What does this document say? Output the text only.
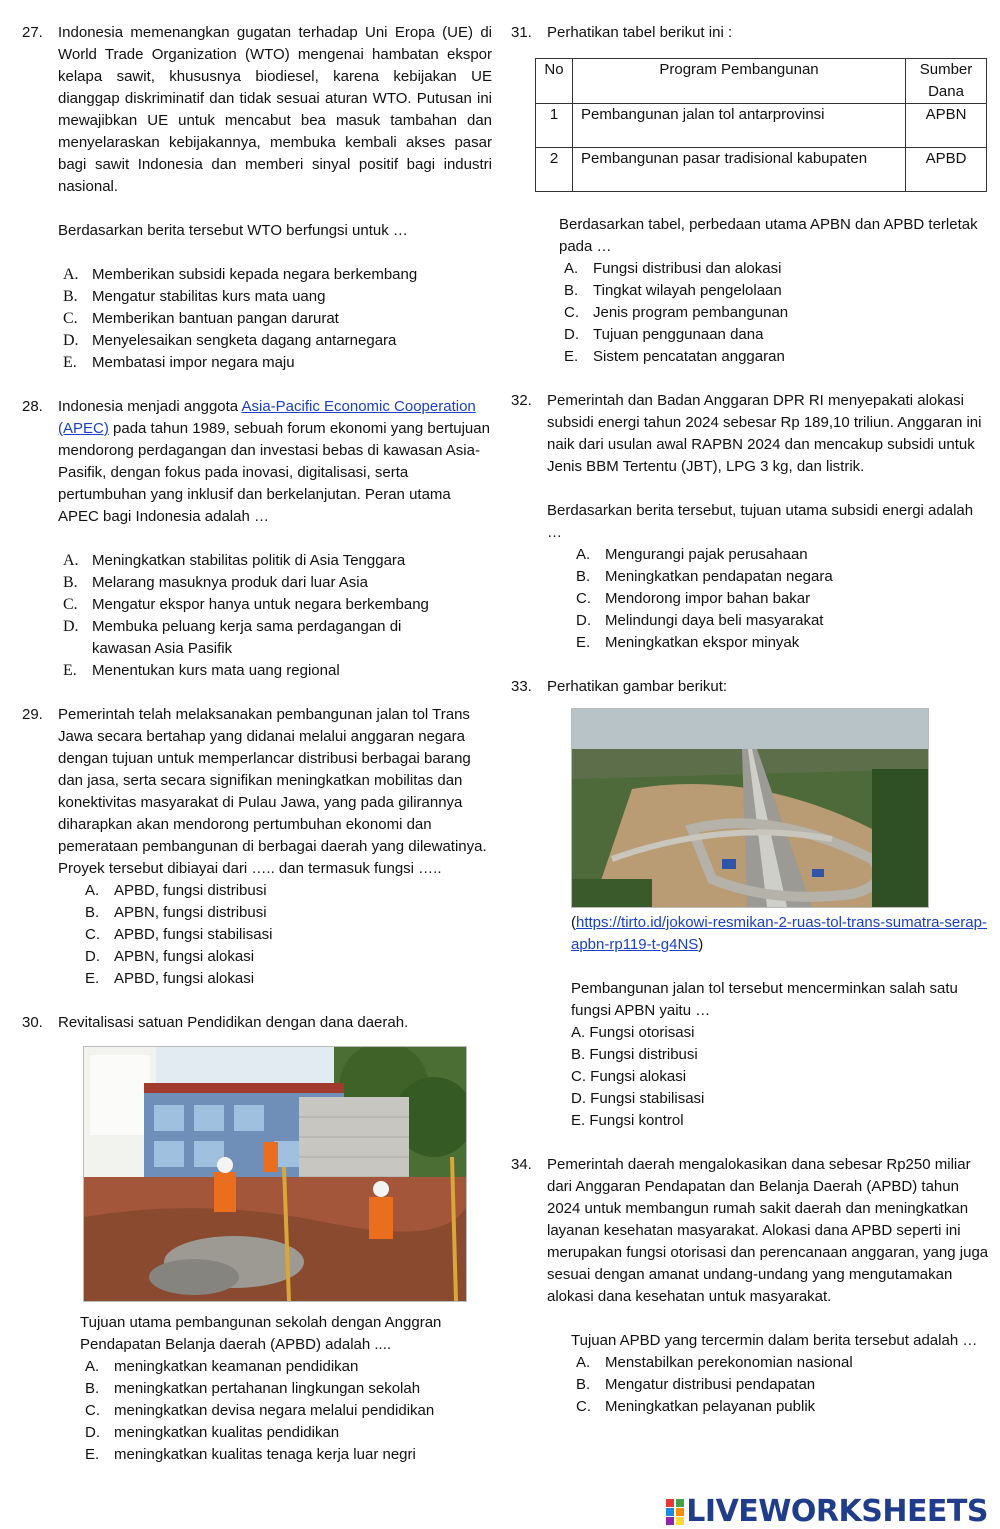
27. Indonesia memenangkan gugatan terhadap Uni Eropa (UE) di World Trade Organization (WTO) mengenai hambatan ekspor kelapa sawit, khususnya biodiesel, karena kebijakan UE dianggap diskriminatif dan tidak sesuai aturan WTO. Putusan ini mewajibkan UE untuk mencabut bea masuk tambahan dan menyelaraskan kebijakannya, membuka kembali akses pasar bagi sawit Indonesia dan memberi sinyal positif bagi industri nasional.
Berdasarkan berita tersebut WTO berfungsi untuk …
A. Memberikan subsidi kepada negara berkembang
B. Mengatur stabilitas kurs mata uang
C. Memberikan bantuan pangan darurat
D. Menyelesaikan sengketa dagang antarnegara
E. Membatasi impor negara maju
28. Indonesia menjadi anggota Asia-Pacific Economic Cooperation (APEC) pada tahun 1989, sebuah forum ekonomi yang bertujuan mendorong perdagangan dan investasi bebas di kawasan Asia-Pasifik, dengan fokus pada inovasi, digitalisasi, serta pertumbuhan yang inklusif dan berkelanjutan. Peran utama APEC bagi Indonesia adalah …
A. Meningkatkan stabilitas politik di Asia Tenggara
B. Melarang masuknya produk dari luar Asia
C. Mengatur ekspor hanya untuk negara berkembang
D. Membuka peluang kerja sama perdagangan di kawasan Asia Pasifik
E. Menentukan kurs mata uang regional
29. Pemerintah telah melaksanakan pembangunan jalan tol Trans Jawa secara bertahap yang didanai melalui anggaran negara dengan tujuan untuk memperlancar distribusi berbagai barang dan jasa, serta secara signifikan meningkatkan mobilitas dan konektivitas masyarakat di Pulau Jawa, yang pada gilirannya diharapkan akan mendorong pertumbuhan ekonomi dan pemerataan pembangunan di berbagai daerah yang dilewatinya. Proyek tersebut dibiayai dari ….. dan termasuk fungsi …..
A. APBD, fungsi distribusi
B. APBN, fungsi distribusi
C. APBD, fungsi stabilisasi
D. APBN, fungsi alokasi
E. APBD, fungsi alokasi
30. Revitalisasi satuan Pendidikan dengan dana daerah.
Tujuan utama pembangunan sekolah dengan Anggran Pendapatan Belanja daerah (APBD) adalah ....
A. meningkatkan keamanan pendidikan
B. meningkatkan pertahanan lingkungan sekolah
C. meningkatkan devisa negara melalui pendidikan
D. meningkatkan kualitas pendidikan
E. meningkatkan kualitas tenaga kerja luar negri
31. Perhatikan tabel berikut ini :
No	Program Pembangunan	Sumber Dana
1	Pembangunan jalan tol antarprovinsi	APBN
2	Pembangunan pasar tradisional kabupaten	APBD
Berdasarkan tabel, perbedaan utama APBN dan APBD terletak pada …
A. Fungsi distribusi dan alokasi
B. Tingkat wilayah pengelolaan
C. Jenis program pembangunan
D. Tujuan penggunaan dana
E. Sistem pencatatan anggaran
32. Pemerintah dan Badan Anggaran DPR RI menyepakati alokasi subsidi energi tahun 2024 sebesar Rp 189,10 triliun. Anggaran ini naik dari usulan awal RAPBN 2024 dan mencakup subsidi untuk Jenis BBM Tertentu (JBT), LPG 3 kg, dan listrik.
Berdasarkan berita tersebut, tujuan utama subsidi energi adalah …
A. Mengurangi pajak perusahaan
B. Meningkatkan pendapatan negara
C. Mendorong impor bahan bakar
D. Melindungi daya beli masyarakat
E. Meningkatkan ekspor minyak
33. Perhatikan gambar berikut:
(https://tirto.id/jokowi-resmikan-2-ruas-tol-trans-sumatra-serap-apbn-rp119-t-g4NS)
Pembangunan jalan tol tersebut mencerminkan salah satu fungsi APBN yaitu …
A. Fungsi otorisasi
B. Fungsi distribusi
C. Fungsi alokasi
D. Fungsi stabilisasi
E. Fungsi kontrol
34. Pemerintah daerah mengalokasikan dana sebesar Rp250 miliar dari Anggaran Pendapatan dan Belanja Daerah (APBD) tahun 2024 untuk membangun rumah sakit daerah dan meningkatkan layanan kesehatan masyarakat. Alokasi dana APBD seperti ini merupakan fungsi otorisasi dan perencanaan anggaran, yang juga sesuai dengan amanat undang-undang yang mengutamakan alokasi dana kesehatan untuk masyarakat.
Tujuan APBD yang tercermin dalam berita tersebut adalah …
A. Menstabilkan perekonomian nasional
B. Mengatur distribusi pendapatan
C. Meningkatkan pelayanan publik
LIVEWORKSHEETS
